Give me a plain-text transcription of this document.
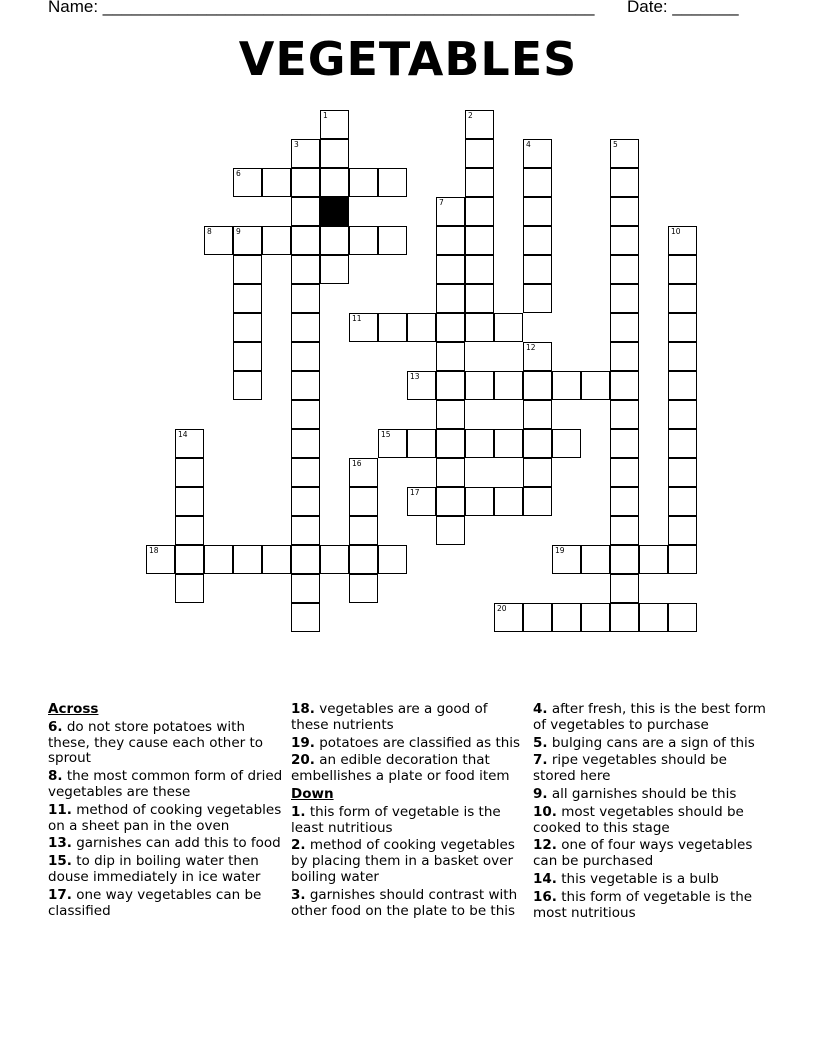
Name: ____________________________________________________ Date: _______
VEGETABLES
1	2
3	4	5
6
7
8	9	10
11
12
13
14	15
16
17
18	19
20

Across

6. do not store potatoes with these, they cause each other to sprout

8. the most common form of dried vegetables are these

11. method of cooking vegetables on a sheet pan in the oven

13. garnishes can add this to food

15. to dip in boiling water then douse immediately in ice water

17. one way vegetables can be classified

18. vegetables are a good of these nutrients

19. potatoes are classified as this

20. an edible decoration that embellishes a plate or food item

Down

1. this form of vegetable is the least nutritious

2. method of cooking vegetables by placing them in a basket over boiling water

3. garnishes should contrast with other food on the plate to be this

4. after fresh, this is the best form of vegetables to purchase

5. bulging cans are a sign of this

7. ripe vegetables should be stored here

9. all garnishes should be this

10. most vegetables should be cooked to this stage

12. one of four ways vegetables can be purchased

14. this vegetable is a bulb

16. this form of vegetable is the most nutritious
